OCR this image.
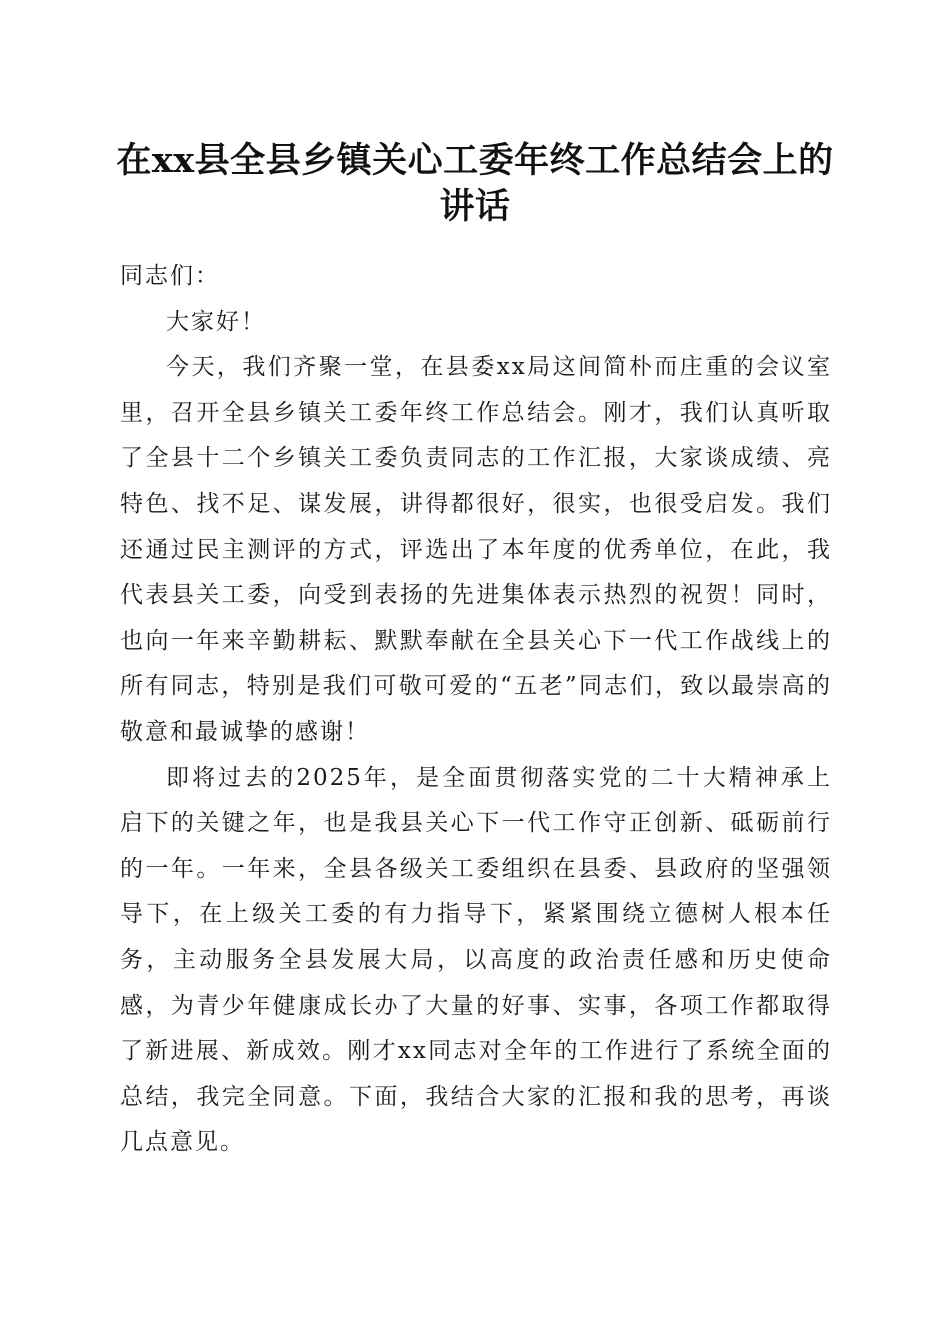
在xx县全县乡镇关心工委年终工作总结会上的讲话

同志们：

大家好！

今天，我们齐聚一堂，在县委xx局这间简朴而庄重的会议室里，召开全县乡镇关工委年终工作总结会。刚才，我们认真听取了全县十二个乡镇关工委负责同志的工作汇报，大家谈成绩、亮特色、找不足、谋发展，讲得都很好，很实，也很受启发。我们还通过民主测评的方式，评选出了本年度的优秀单位，在此，我代表县关工委，向受到表扬的先进集体表示热烈的祝贺！同时，也向一年来辛勤耕耘、默默奉献在全县关心下一代工作战线上的所有同志，特别是我们可敬可爱的“五老”同志们，致以最崇高的敬意和最诚挚的感谢！

即将过去的2025年，是全面贯彻落实党的二十大精神承上启下的关键之年，也是我县关心下一代工作守正创新、砥砺前行的一年。一年来，全县各级关工委组织在县委、县政府的坚强领导下，在上级关工委的有力指导下，紧紧围绕立德树人根本任务，主动服务全县发展大局，以高度的政治责任感和历史使命感，为青少年健康成长办了大量的好事、实事，各项工作都取得了新进展、新成效。刚才xx同志对全年的工作进行了系统全面的总结，我完全同意。下面，我结合大家的汇报和我的思考，再谈几点意见。
